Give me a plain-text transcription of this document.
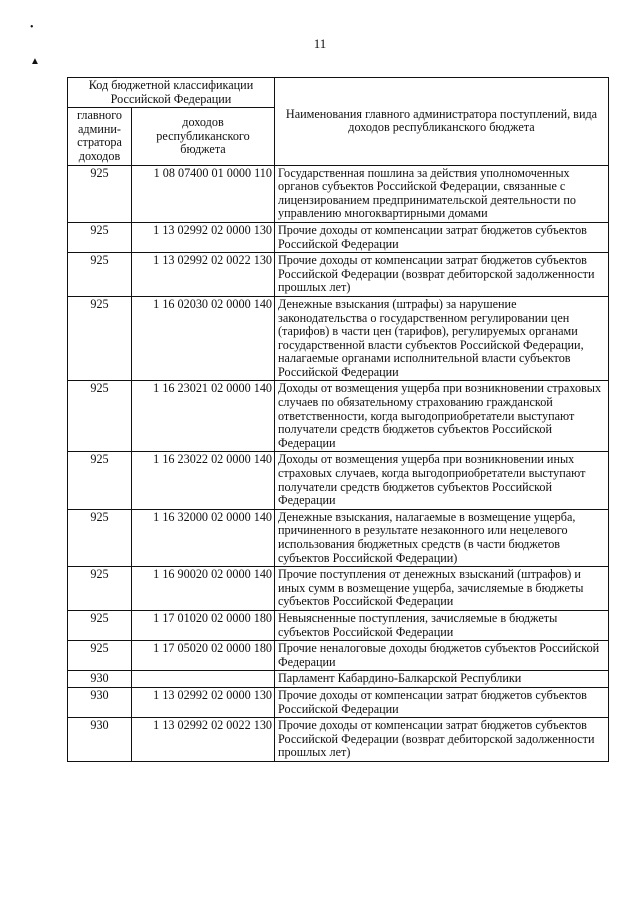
•
▲
11
Код бюджетной классификации Российской Федерации		Наименования главного администратора поступлений, вида доходов республиканского бюджета
главного админи-стратора доходов	доходов республиканского бюджета	
925	1 08 07400 01 0000 110	Государственная пошлина за действия уполномоченных органов субъектов Российской Федерации, связанные с лицензированием предпринимательской деятельности по управлению многоквартирными домами
925	1 13 02992 02 0000 130	Прочие доходы от компенсации затрат бюджетов субъектов Российской Федерации
925	1 13 02992 02 0022 130	Прочие доходы от компенсации затрат бюджетов субъектов Российской Федерации (возврат дебиторской задолженности прошлых лет)
925	1 16 02030 02 0000 140	Денежные взыскания (штрафы) за нарушение законодательства о государственном регулировании цен (тарифов) в части цен (тарифов), регулируемых органами государственной власти субъектов Российской Федерации, налагаемые органами исполнительной власти субъектов Российской Федерации
925	1 16 23021 02 0000 140	Доходы от возмещения ущерба при возникновении страховых случаев по обязательному страхованию гражданской ответственности, когда выгодоприобретатели выступают получатели средств бюджетов субъектов Российской Федерации
925	1 16 23022 02 0000 140	Доходы от возмещения ущерба при возникновении иных страховых случаев, когда выгодоприобретатели выступают получатели средств бюджетов субъектов Российской Федерации
925	1 16 32000 02 0000 140	Денежные взыскания, налагаемые в возмещение ущерба, причиненного в результате незаконного или нецелевого использования бюджетных средств (в части бюджетов субъектов Российской Федерации)
925	1 16 90020 02 0000 140	Прочие поступления от денежных взысканий (штрафов) и иных сумм в возмещение ущерба, зачисляемые в бюджеты субъектов Российской Федерации
925	1 17 01020 02 0000 180	Невыясненные поступления, зачисляемые в бюджеты субъектов Российской Федерации
925	1 17 05020 02 0000 180	Прочие неналоговые доходы бюджетов субъектов Российской Федерации
930		Парламент Кабардино-Балкарской Республики
930	1 13 02992 02 0000 130	Прочие доходы от компенсации затрат бюджетов субъектов Российской Федерации
930	1 13 02992 02 0022 130	Прочие доходы от компенсации затрат бюджетов субъектов Российской Федерации (возврат дебиторской задолженности прошлых лет)
